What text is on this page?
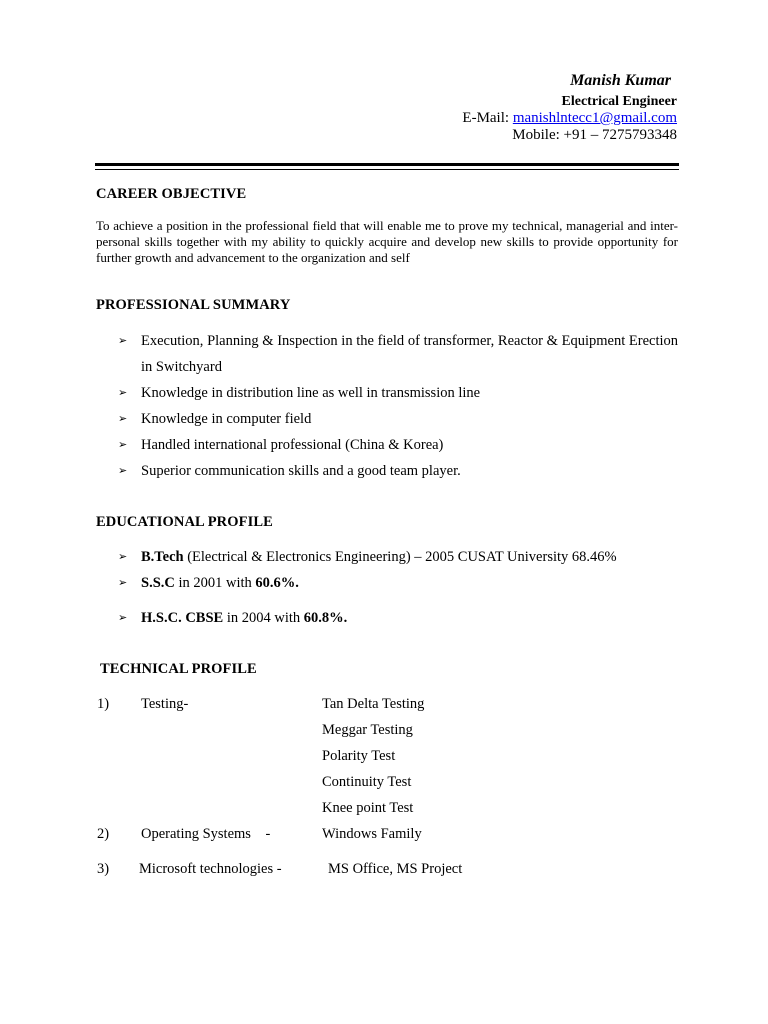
Manish Kumar
Electrical Engineer
E-Mail: manishlntecc1@gmail.com
Mobile: +91 – 7275793348
CAREER OBJECTIVE
To achieve a position in the professional field that will enable me to prove my technical, managerial and inter-personal skills together with my ability to quickly acquire and develop new skills to provide opportunity for further growth and advancement to the organization and self
PROFESSIONAL SUMMARY
➢ Execution, Planning & Inspection in the field of transformer, Reactor & Equipment Erection in Switchyard
➢ Knowledge in distribution line as well in transmission line
➢ Knowledge in computer field
➢ Handled international professional (China & Korea)
➢ Superior communication skills and a good team player.
EDUCATIONAL PROFILE
➢ B.Tech (Electrical & Electronics Engineering) – 2005 CUSAT University 68.46%
➢ S.S.C in 2001 with 60.6%.
➢ H.S.C. CBSE in 2004 with 60.8%.
TECHNICAL PROFILE
1) Testing-	Tan Delta Testing
Meggar Testing
Polarity Test
Continuity Test
Knee point Test
2) Operating Systems    -	Windows Family
3) Microsoft technologies -	MS Office, MS Project
